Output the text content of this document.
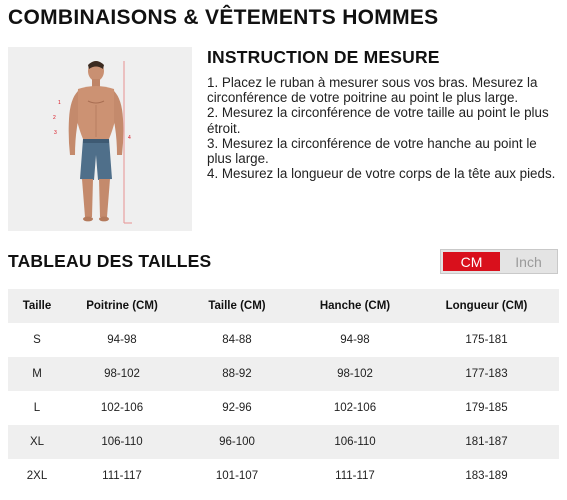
COMBINAISONS & VÊTEMENTS HOMMES
1
2
3
4
INSTRUCTION DE MESURE

1. Placez le ruban à mesurer sous vos bras. Mesurez la circonférence de votre poitrine au point le plus large.

2. Mesurez la circonférence de votre taille au point le plus étroit.

3. Mesurez la circonférence de votre hanche au point le plus large.

4. Mesurez la longueur de votre corps de la tête aux pieds.

TABLEAU DES TAILLES	CM	Inch
Taille	Poitrine (CM)	Taille (CM)	Hanche (CM)	Longueur (CM)
S	94-98	84-88	94-98	175-181
M	98-102	88-92	98-102	177-183
L	102-106	92-96	102-106	179-185
XL	106-110	96-100	106-110	181-187
2XL	111-117	101-107	111-117	183-189
